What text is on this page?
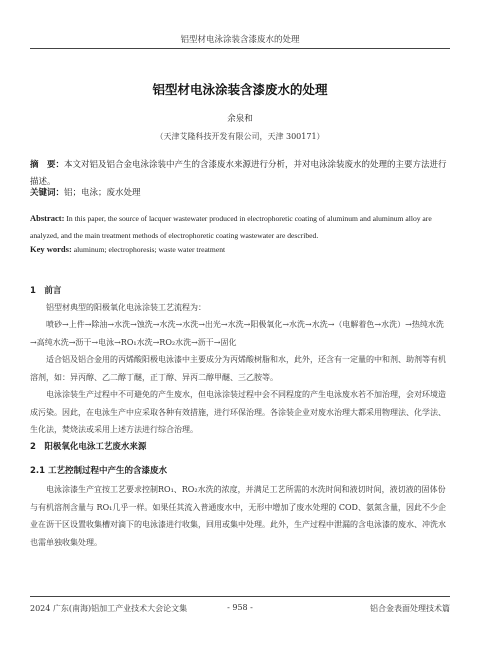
铝型材电泳涂装含漆废水的处理
铝型材电泳涂装含漆废水的处理
余泉和
（天津艾隆科技开发有限公司，天津 300171）
摘　要：本文对铝及铝合金电泳涂装中产生的含漆废水来源进行分析，并对电泳涂装废水的处理的主要方法进行描述。
关键词：铝；电泳；废水处理
Abstract: In this paper, the source of lacquer wastewater produced in electrophoretic coating of aluminum and aluminum alloy are analyzed, and the main treatment methods of electrophoretic coating wastewater are described.
Key words: aluminum; electrophoresis; waste water treatment
1　前言
铝型材典型的阳极氧化电泳涂装工艺流程为：
喷砂→上件→除油→水洗→蚀洗→水洗→水洗→出光→水洗→阳极氧化→水洗→水洗→（电解着色→水洗）→热纯水洗→高纯水洗→沥干→电泳→RO₁水洗→RO₂水洗→沥干→固化
适合铝及铝合金用的丙烯酸阳极电泳漆中主要成分为丙烯酸树脂和水，此外，还含有一定量的中和剂、助剂等有机溶剂，如：异丙醇、乙二醇丁醚，正丁醇、异丙二醇甲醚、三乙胺等。
电泳涂装生产过程中不可避免的产生废水，但电泳涂装过程中会不同程度的产生电泳废水若不加治理，会对环境造成污染。因此，在电泳生产中应采取各种有效措施，进行环保治理。各涂装企业对废水治理大都采用物理法、化学法、生化法，焚烧法或采用上述方法进行综合治理。
2　阳极氧化电泳工艺废水来源
2.1 工艺控制过程中产生的含漆废水
电泳涂漆生产宜按工艺要求控制RO₁、RO₂水洗的浓度，并满足工艺所需的水洗时间和液切时间，液切液的固体份与有机溶剂含量与 RO₁几乎一样。如果任其流入普通废水中，无形中增加了废水处理的 COD、氨氮含量，因此不少企业在沥干区设置收集槽对滴下的电泳漆进行收集，回用或集中处理。此外，生产过程中泄漏的含电泳漆的废水、冲洗水也需单独收集处理。
2024 广东(南海)铝加工产业技术大会论文集	- 958 -	铝合金表面处理技术篇
